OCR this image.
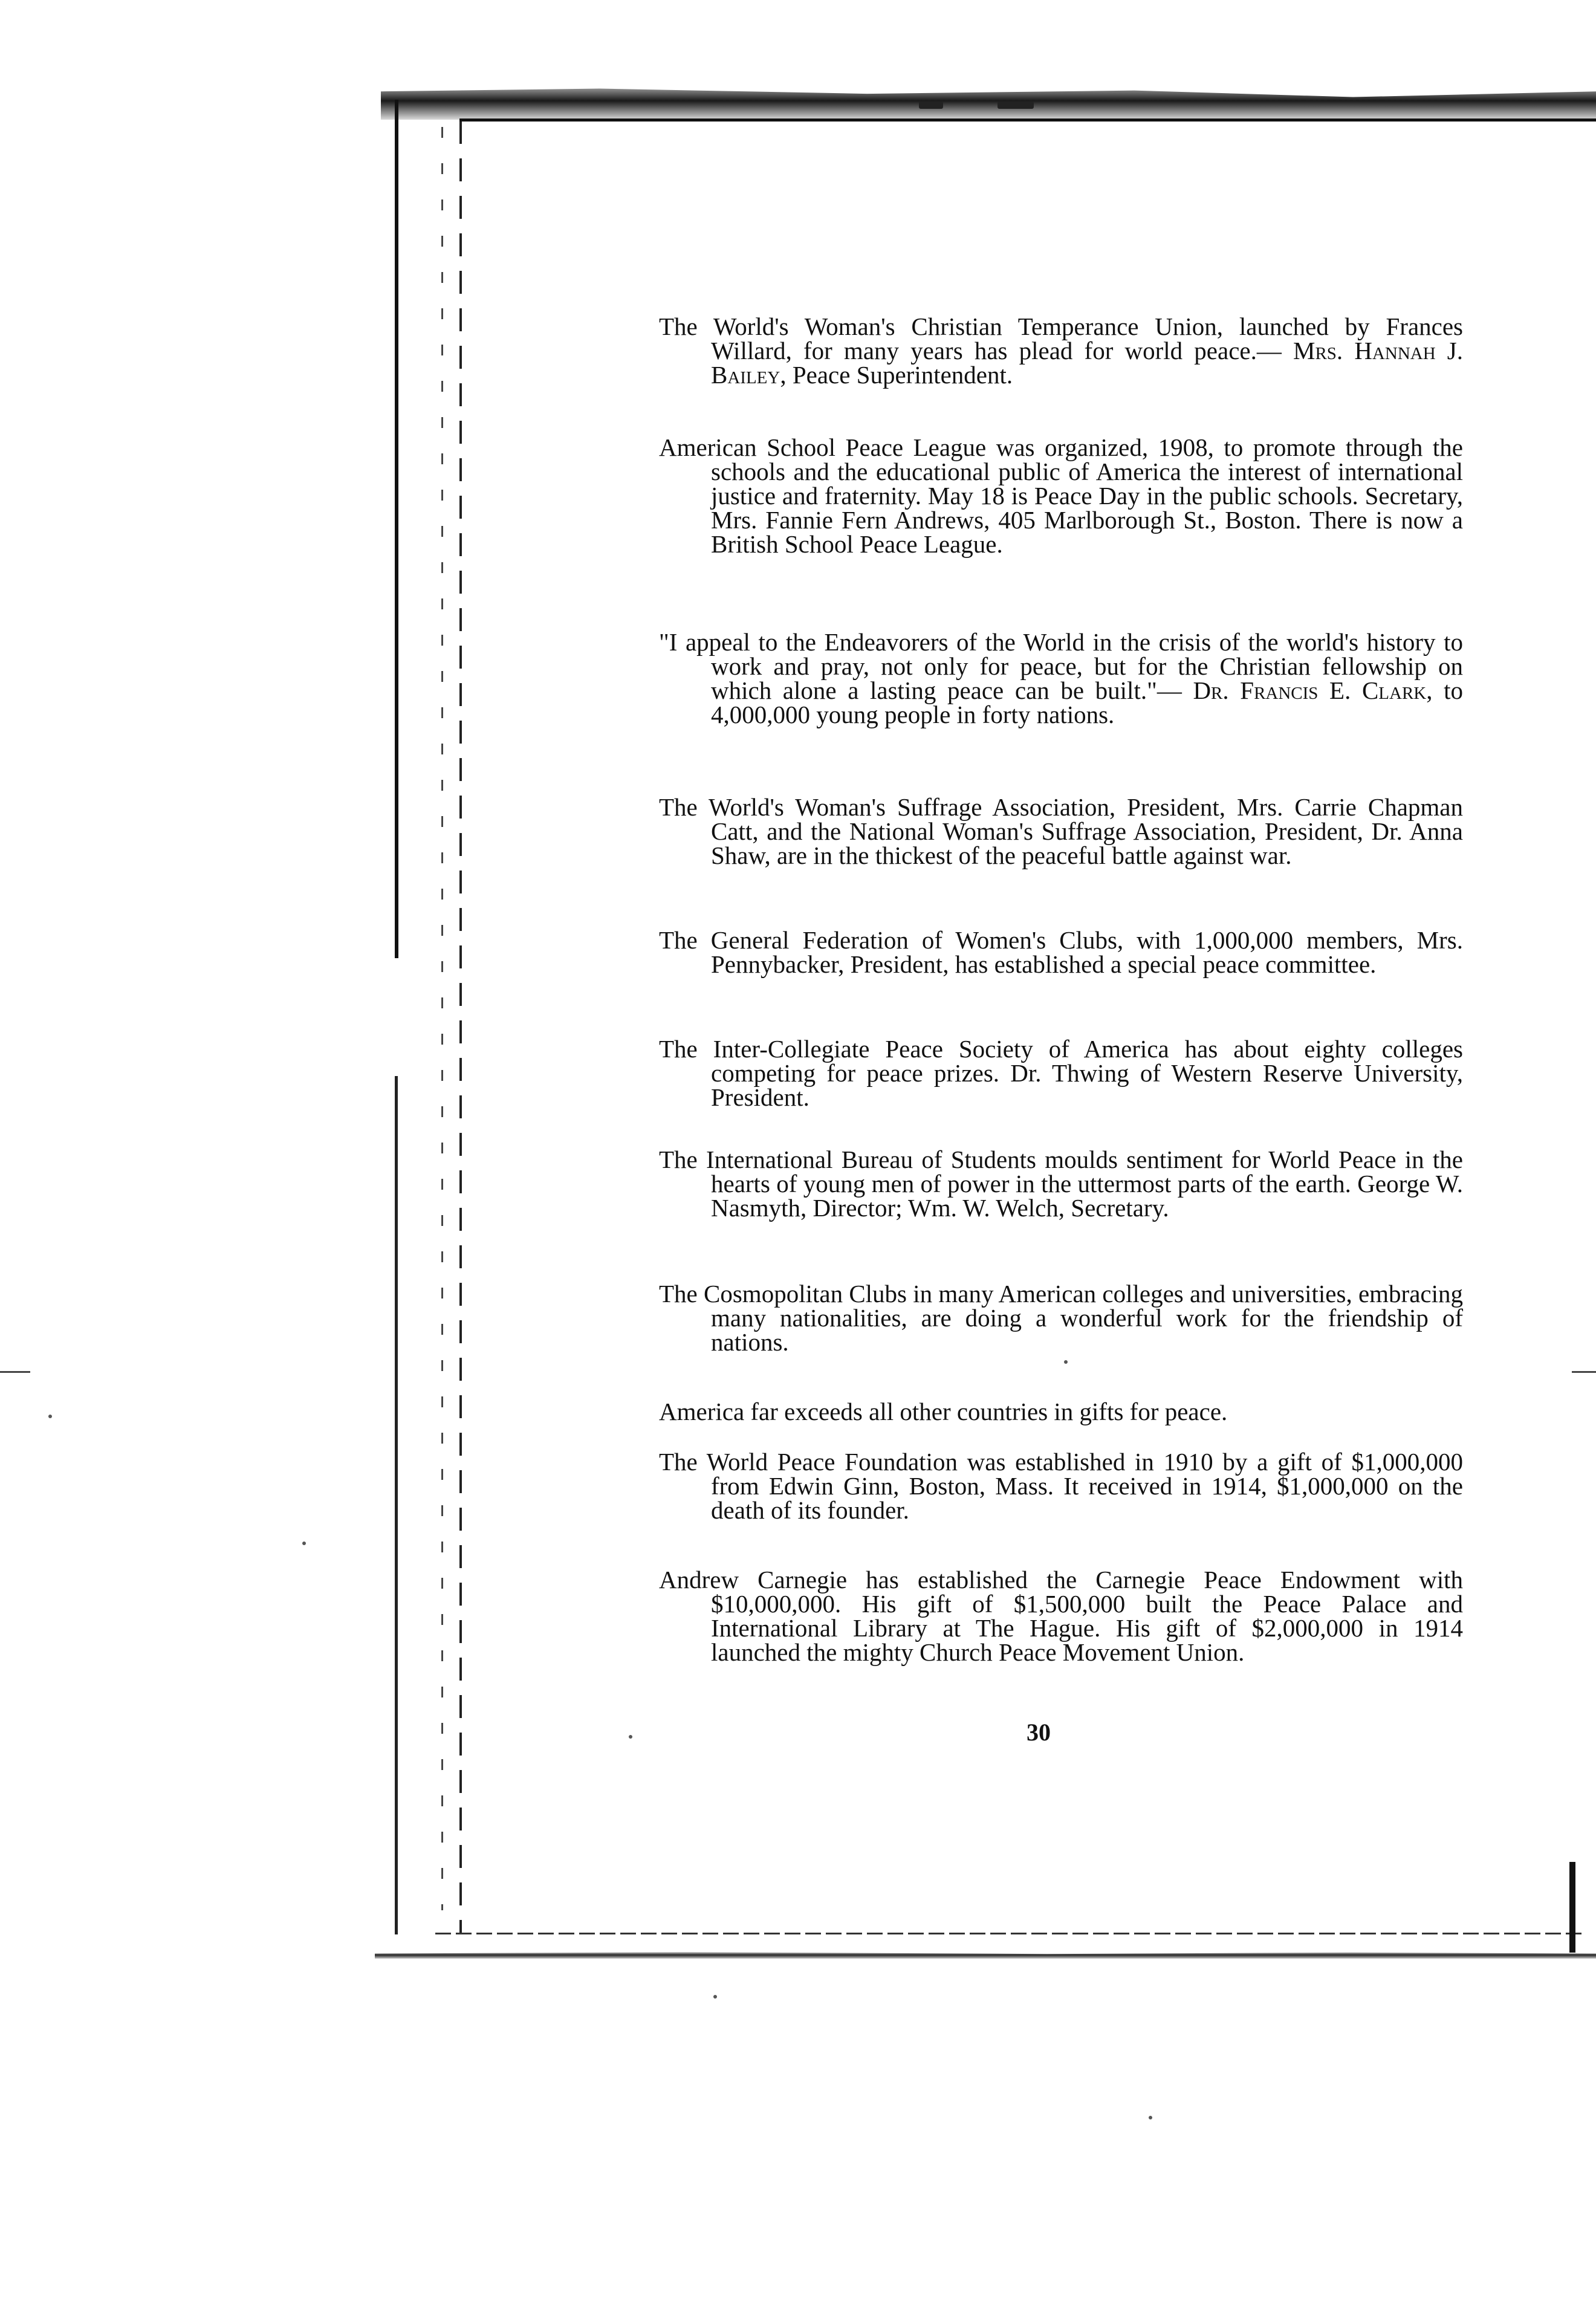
The World's Woman's Christian Temperance Union, launched by Frances Willard, for many years has plead for world peace.— Mrs. Hannah J. Bailey, Peace Superintendent.

American School Peace League was organized, 1908, to promote through the schools and the educational public of America the interest of international justice and fraternity. May 18 is Peace Day in the public schools. Secretary, Mrs. Fannie Fern Andrews, 405 Marlborough St., Boston. There is now a British School Peace League.

"I appeal to the Endeavorers of the World in the crisis of the world's history to work and pray, not only for peace, but for the Christian fellowship on which alone a lasting peace can be built."— Dr. Francis E. Clark, to 4,000,000 young people in forty nations.

The World's Woman's Suffrage Association, President, Mrs. Carrie Chapman Catt, and the National Woman's Suffrage Association, President, Dr. Anna Shaw, are in the thickest of the peaceful battle against war.

The General Federation of Women's Clubs, with 1,000,000 members, Mrs. Pennybacker, President, has established a special peace committee.

The Inter-Collegiate Peace Society of America has about eighty colleges competing for peace prizes. Dr. Thwing of Western Reserve University, President.

The International Bureau of Students moulds sentiment for World Peace in the hearts of young men of power in the uttermost parts of the earth. George W. Nasmyth, Director; Wm. W. Welch, Secretary.

The Cosmopolitan Clubs in many American colleges and universities, embracing many nationalities, are doing a wonderful work for the friendship of nations.

America far exceeds all other countries in gifts for peace.

The World Peace Foundation was established in 1910 by a gift of $1,000,000 from Edwin Ginn, Boston, Mass. It received in 1914, $1,000,000 on the death of its founder.

Andrew Carnegie has established the Carnegie Peace Endowment with $10,000,000. His gift of $1,500,000 built the Peace Palace and International Library at The Hague. His gift of $2,000,000 in 1914 launched the mighty Church Peace Movement Union.

30
